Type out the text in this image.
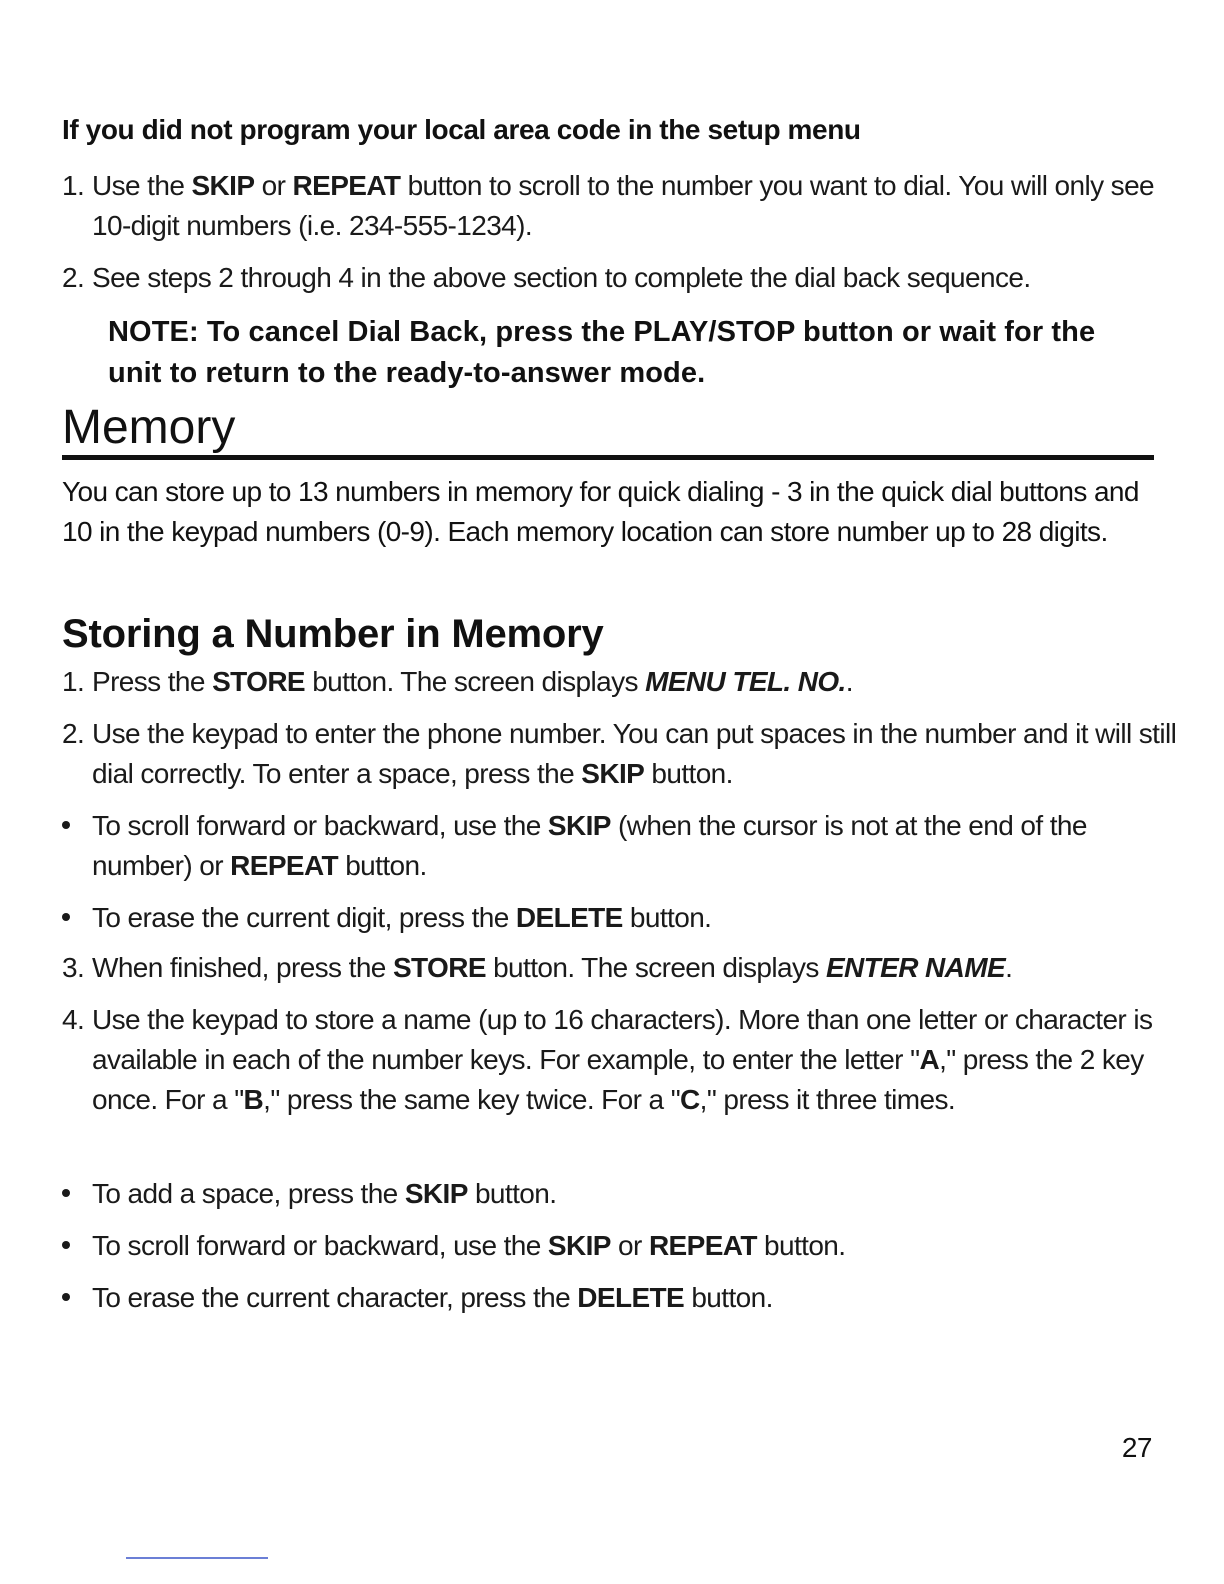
If you did not program your local area code in the setup menu
1. Use the SKIP or REPEAT button to scroll to the number you want to dial. You will only see 10-digit numbers (i.e. 234-555-1234).
2. See steps 2 through 4 in the above section to complete the dial back sequence.
NOTE: To cancel Dial Back, press the PLAY/STOP button or wait for the unit to return to the ready-to-answer mode.
Memory
You can store up to 13 numbers in memory for quick dialing - 3 in the quick dial buttons and 10 in the keypad numbers (0-9). Each memory location can store number up to 28 digits.
Storing a Number in Memory
1. Press the STORE button. The screen displays MENU TEL. NO..
2. Use the keypad to enter the phone number. You can put spaces in the number and it will still dial correctly. To enter a space, press the SKIP button.
To scroll forward or backward, use the SKIP (when the cursor is not at the end of the number) or REPEAT button.
To erase the current digit, press the DELETE button.
3. When finished, press the STORE button. The screen displays ENTER NAME.
4. Use the keypad to store a name (up to 16 characters). More than one letter or character is available in each of the number keys. For example, to enter the letter "A," press the 2 key once. For a "B," press the same key twice. For a "C," press it three times.
To add a space, press the SKIP button.
To scroll forward or backward, use the SKIP or REPEAT button.
To erase the current character, press the DELETE button.
27
